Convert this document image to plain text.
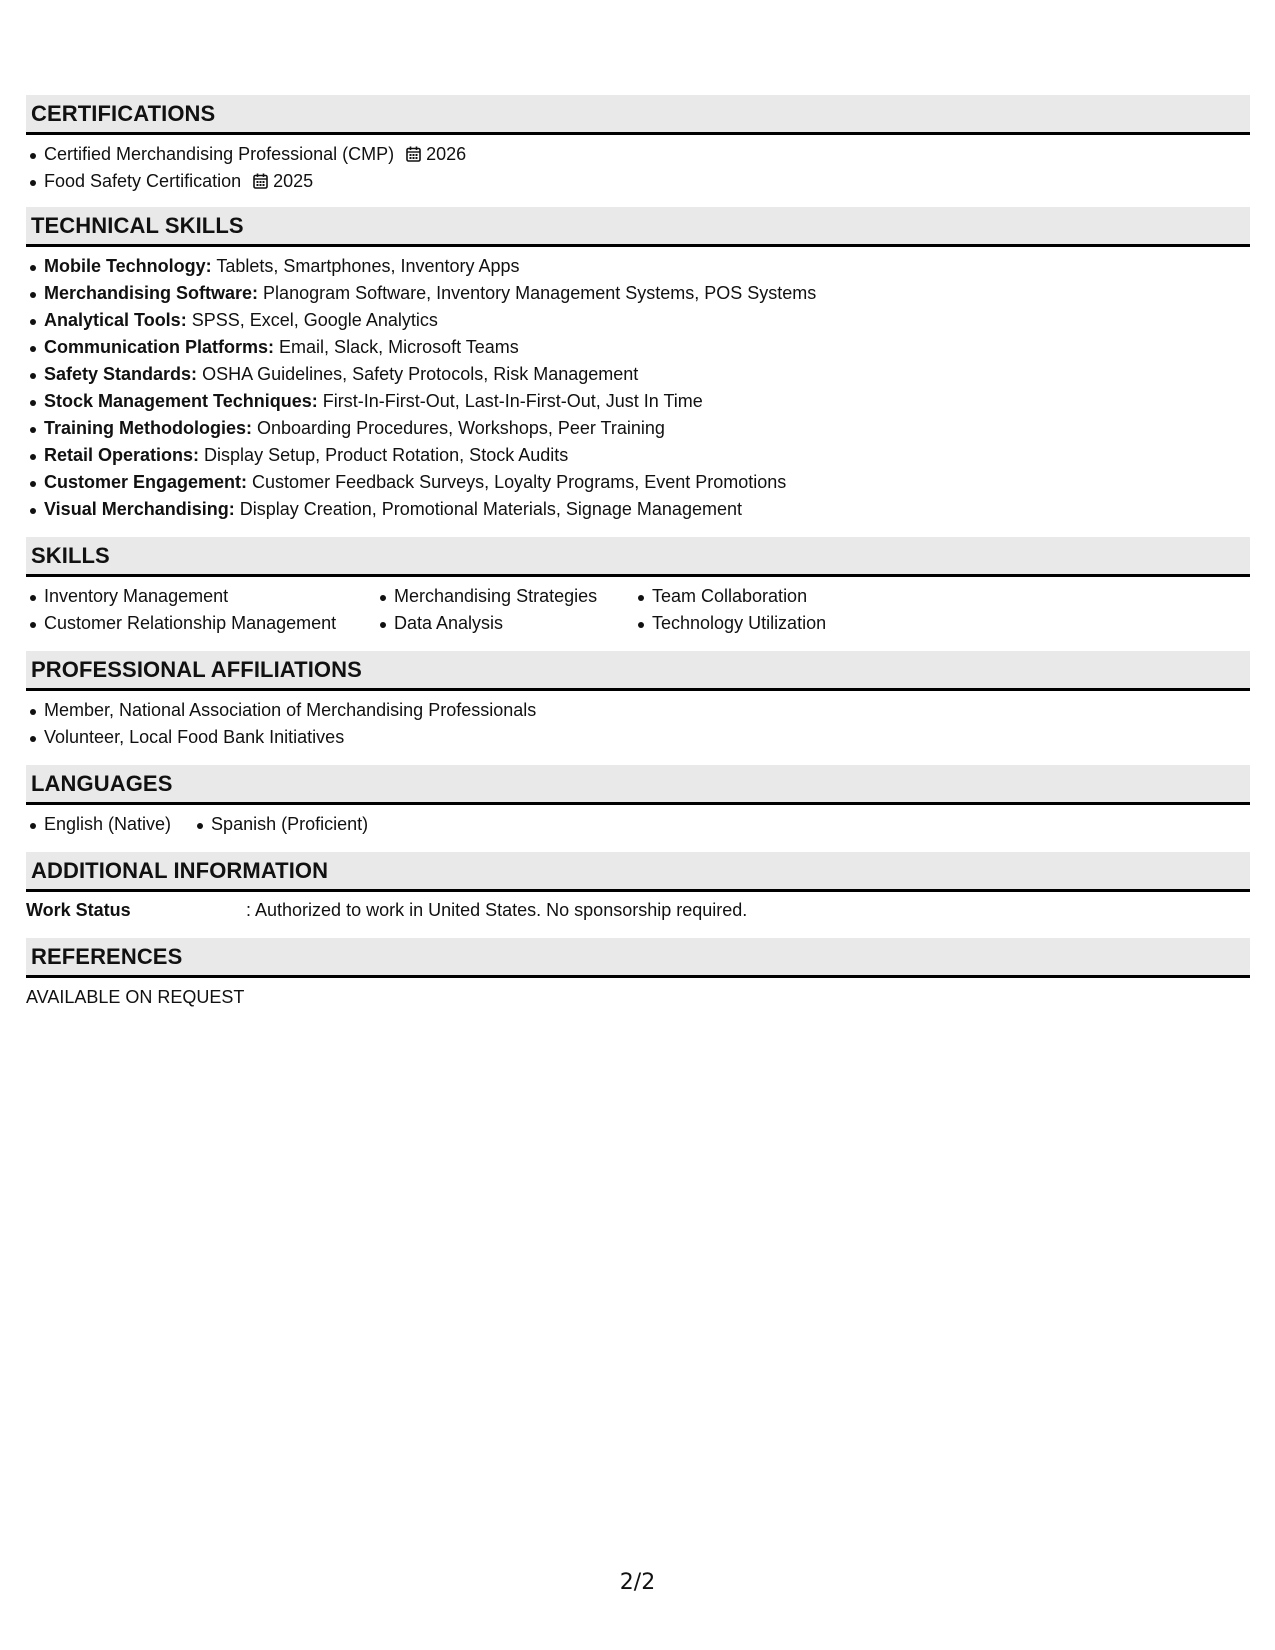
CERTIFICATIONS
Certified Merchandising Professional (CMP) 2026
Food Safety Certification 2025
TECHNICAL SKILLS
Mobile Technology: Tablets, Smartphones, Inventory Apps
Merchandising Software: Planogram Software, Inventory Management Systems, POS Systems
Analytical Tools: SPSS, Excel, Google Analytics
Communication Platforms: Email, Slack, Microsoft Teams
Safety Standards: OSHA Guidelines, Safety Protocols, Risk Management
Stock Management Techniques: First-In-First-Out, Last-In-First-Out, Just In Time
Training Methodologies: Onboarding Procedures, Workshops, Peer Training
Retail Operations: Display Setup, Product Rotation, Stock Audits
Customer Engagement: Customer Feedback Surveys, Loyalty Programs, Event Promotions
Visual Merchandising: Display Creation, Promotional Materials, Signage Management
SKILLS
Inventory Management
Customer Relationship Management
Merchandising Strategies
Data Analysis
Team Collaboration
Technology Utilization
PROFESSIONAL AFFILIATIONS
Member, National Association of Merchandising Professionals
Volunteer, Local Food Bank Initiatives
LANGUAGES
English (Native)	Spanish (Proficient)
ADDITIONAL INFORMATION
Work Status	: Authorized to work in United States. No sponsorship required.
REFERENCES
AVAILABLE ON REQUEST
2/2
